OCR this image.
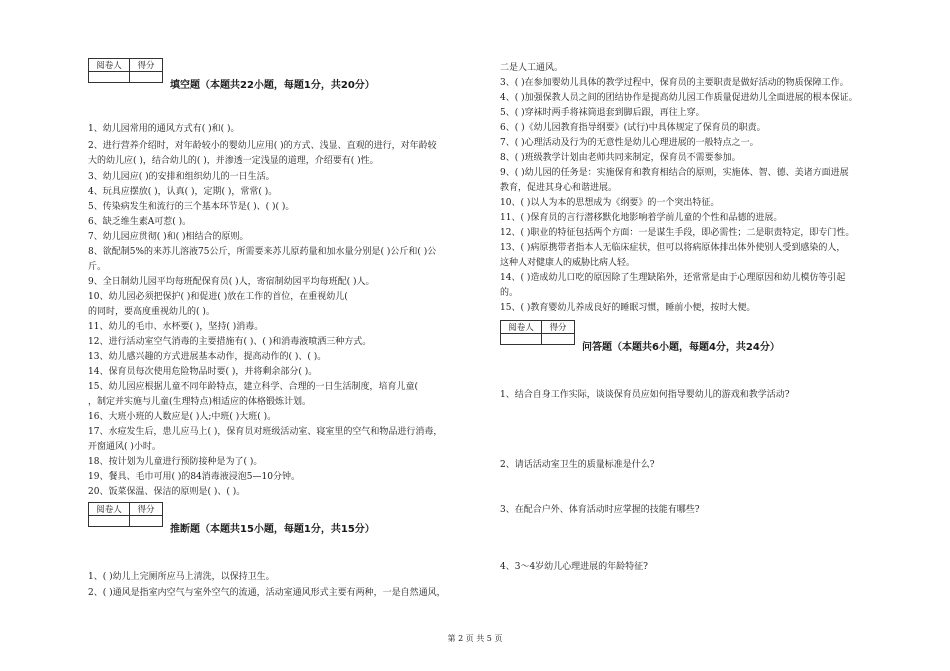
阅卷人	得分

填空题（本题共22小题，每题1分，共20分）
1、幼儿园常用的通风方式有( )和( )。
2、进行营养介绍时，对年龄较小的婴幼儿应用( )的方式、浅显、直观的进行，对年龄较
大的幼儿应( )，结合幼儿的( )，并渗透一定浅显的道理，介绍要有( )性。
3、幼儿园应( )的安排和组织幼儿的一日生活。
4、玩具应摆放( )，认真( )，定期( )，常常( )。
5、传染病发生和流行的三个基本环节是( )、( )( )。
6、缺乏维生素A可惹( )。
7、幼儿园应贯彻( )和( )相结合的原则。
8、欲配制5%的来苏儿溶液75公斤，所需要来苏儿原药量和加水量分别是( )公斤和( )公
斤。
9、全日制幼儿园平均每班配保育员( )人，寄宿制幼园平均每班配( )人。
10、幼儿园必须把保护( )和促进( )放在工作的首位，在重视幼儿(
的同时，要高度重视幼儿的( )。
11、幼儿的毛巾、水杯要( )，坚持( )消毒。
12、进行活动室空气消毒的主要措施有( )、( )和消毒液喷洒三种方式。
13、幼儿感兴趣的方式进展基本动作，提高动作的( )、( )。
14、保育员每次使用危险物品时要( )，并将剩余部分( )。
15、幼儿园应根据儿童不同年龄特点，建立科学、合理的一日生活制度，培育儿童(
，制定并实施与儿童(生理特点)相适应的体格锻炼计划。
16、大班小班的人数应是( )人;中班( )大班( )。
17、水痘发生后，患儿应马上( )，保育员对班级活动室、寝室里的空气和物品进行消毒，
开窗通风( )小时。
18、按计划为儿童进行预防接种是为了( )。
19、餐具、毛巾可用( )的84消毒液浸泡5—10分钟。
20、饭菜保温、保洁的原则是( )、( )。
阅卷人	得分

推断题（本题共15小题，每题1分，共15分）
1、( )幼儿上完厕所应马上清洗，以保持卫生。
2、( )通风是指室内空气与室外空气的流通，活动室通风形式主要有两种，一是自然通风，
二是人工通风。
3、( )在参加婴幼儿具体的教学过程中，保育员的主要职责是做好活动的物质保障工作。
4、( )加强保教人员之间的团结协作是提高幼儿园工作质量促进幼儿全面进展的根本保证。
5、( )穿袜时两手将袜筒退套到脚后跟，再往上穿。
6、( )《幼儿园教育指导纲要》(试行)中具体规定了保育员的职责。
7、( )心理活动及行为的无意性是幼儿心理进展的一般特点之一。
8、( )班级教学计划由老师共同来制定，保育员不需要参加。
9、( )幼儿园的任务是：实施保育和教育相结合的原则，实施体、智、德、美诸方面进展
教育，促进其身心和谐进展。
10、( )以人为本的思想成为《纲要》的一个突出特征。
11、( )保育员的言行潜移默化地影响着学前儿童的个性和品德的进展。
12、( )职业的特征包括两个方面：一是谋生手段，即必需性；二是职责特定，即专门性。
13、( )病原携带者指本人无临床症状，但可以将病原体排出体外使别人受到感染的人，
这种人对健康人的威胁比病人轻。
14、( )造成幼儿口吃的原因除了生理缺陷外，还常常是由于心理原因和幼儿模仿等引起
的。
15、( )教育婴幼儿养成良好的睡眠习惯，睡前小便，按时大便。
阅卷人	得分

问答题（本题共6小题，每题4分，共24分）
1、结合自身工作实际，谈谈保育员应如何指导婴幼儿的游戏和教学活动?
2、请话活动室卫生的质量标准是什么?
3、在配合户外、体育活动时应掌握的技能有哪些?
4、3～4岁幼儿心理进展的年龄特征?
第 2 页 共 5 页
